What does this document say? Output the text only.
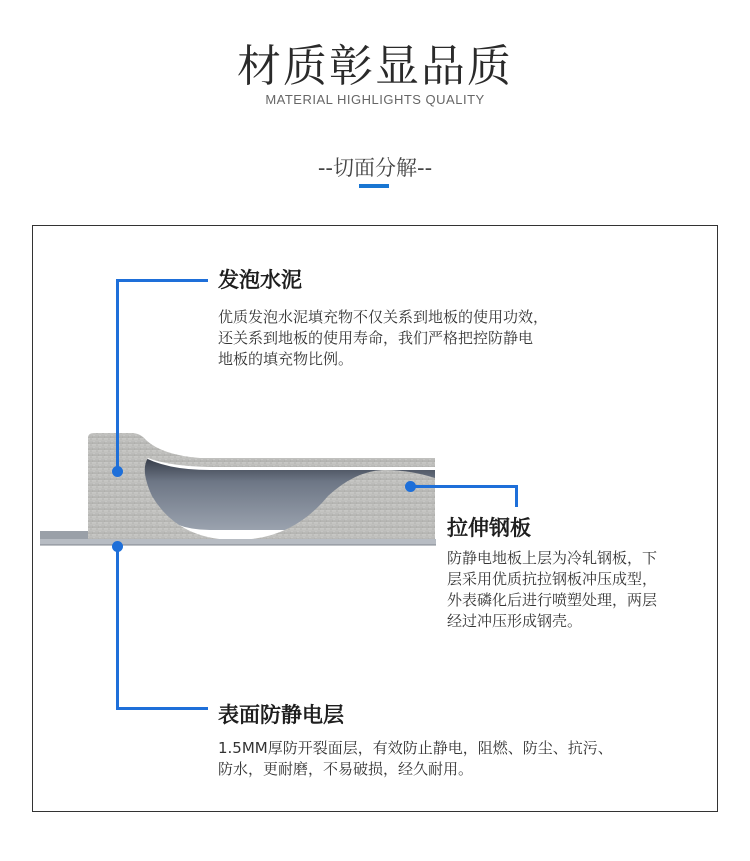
材质彰显品质
MATERIAL HIGHLIGHTS QUALITY
--切面分解--
发泡水泥
优质发泡水泥填充物不仅关系到地板的使用功效，
还关系到地板的使用寿命，我们严格把控防静电
地板的填充物比例。
拉伸钢板
防静电地板上层为冷轧钢板，下
层采用优质抗拉钢板冲压成型，
外表磷化后进行喷塑处理，两层
经过冲压形成钢壳。
表面防静电层
1.5MM厚防开裂面层，有效防止静电，阻燃、防尘、抗污、
防水，更耐磨，不易破损，经久耐用。
